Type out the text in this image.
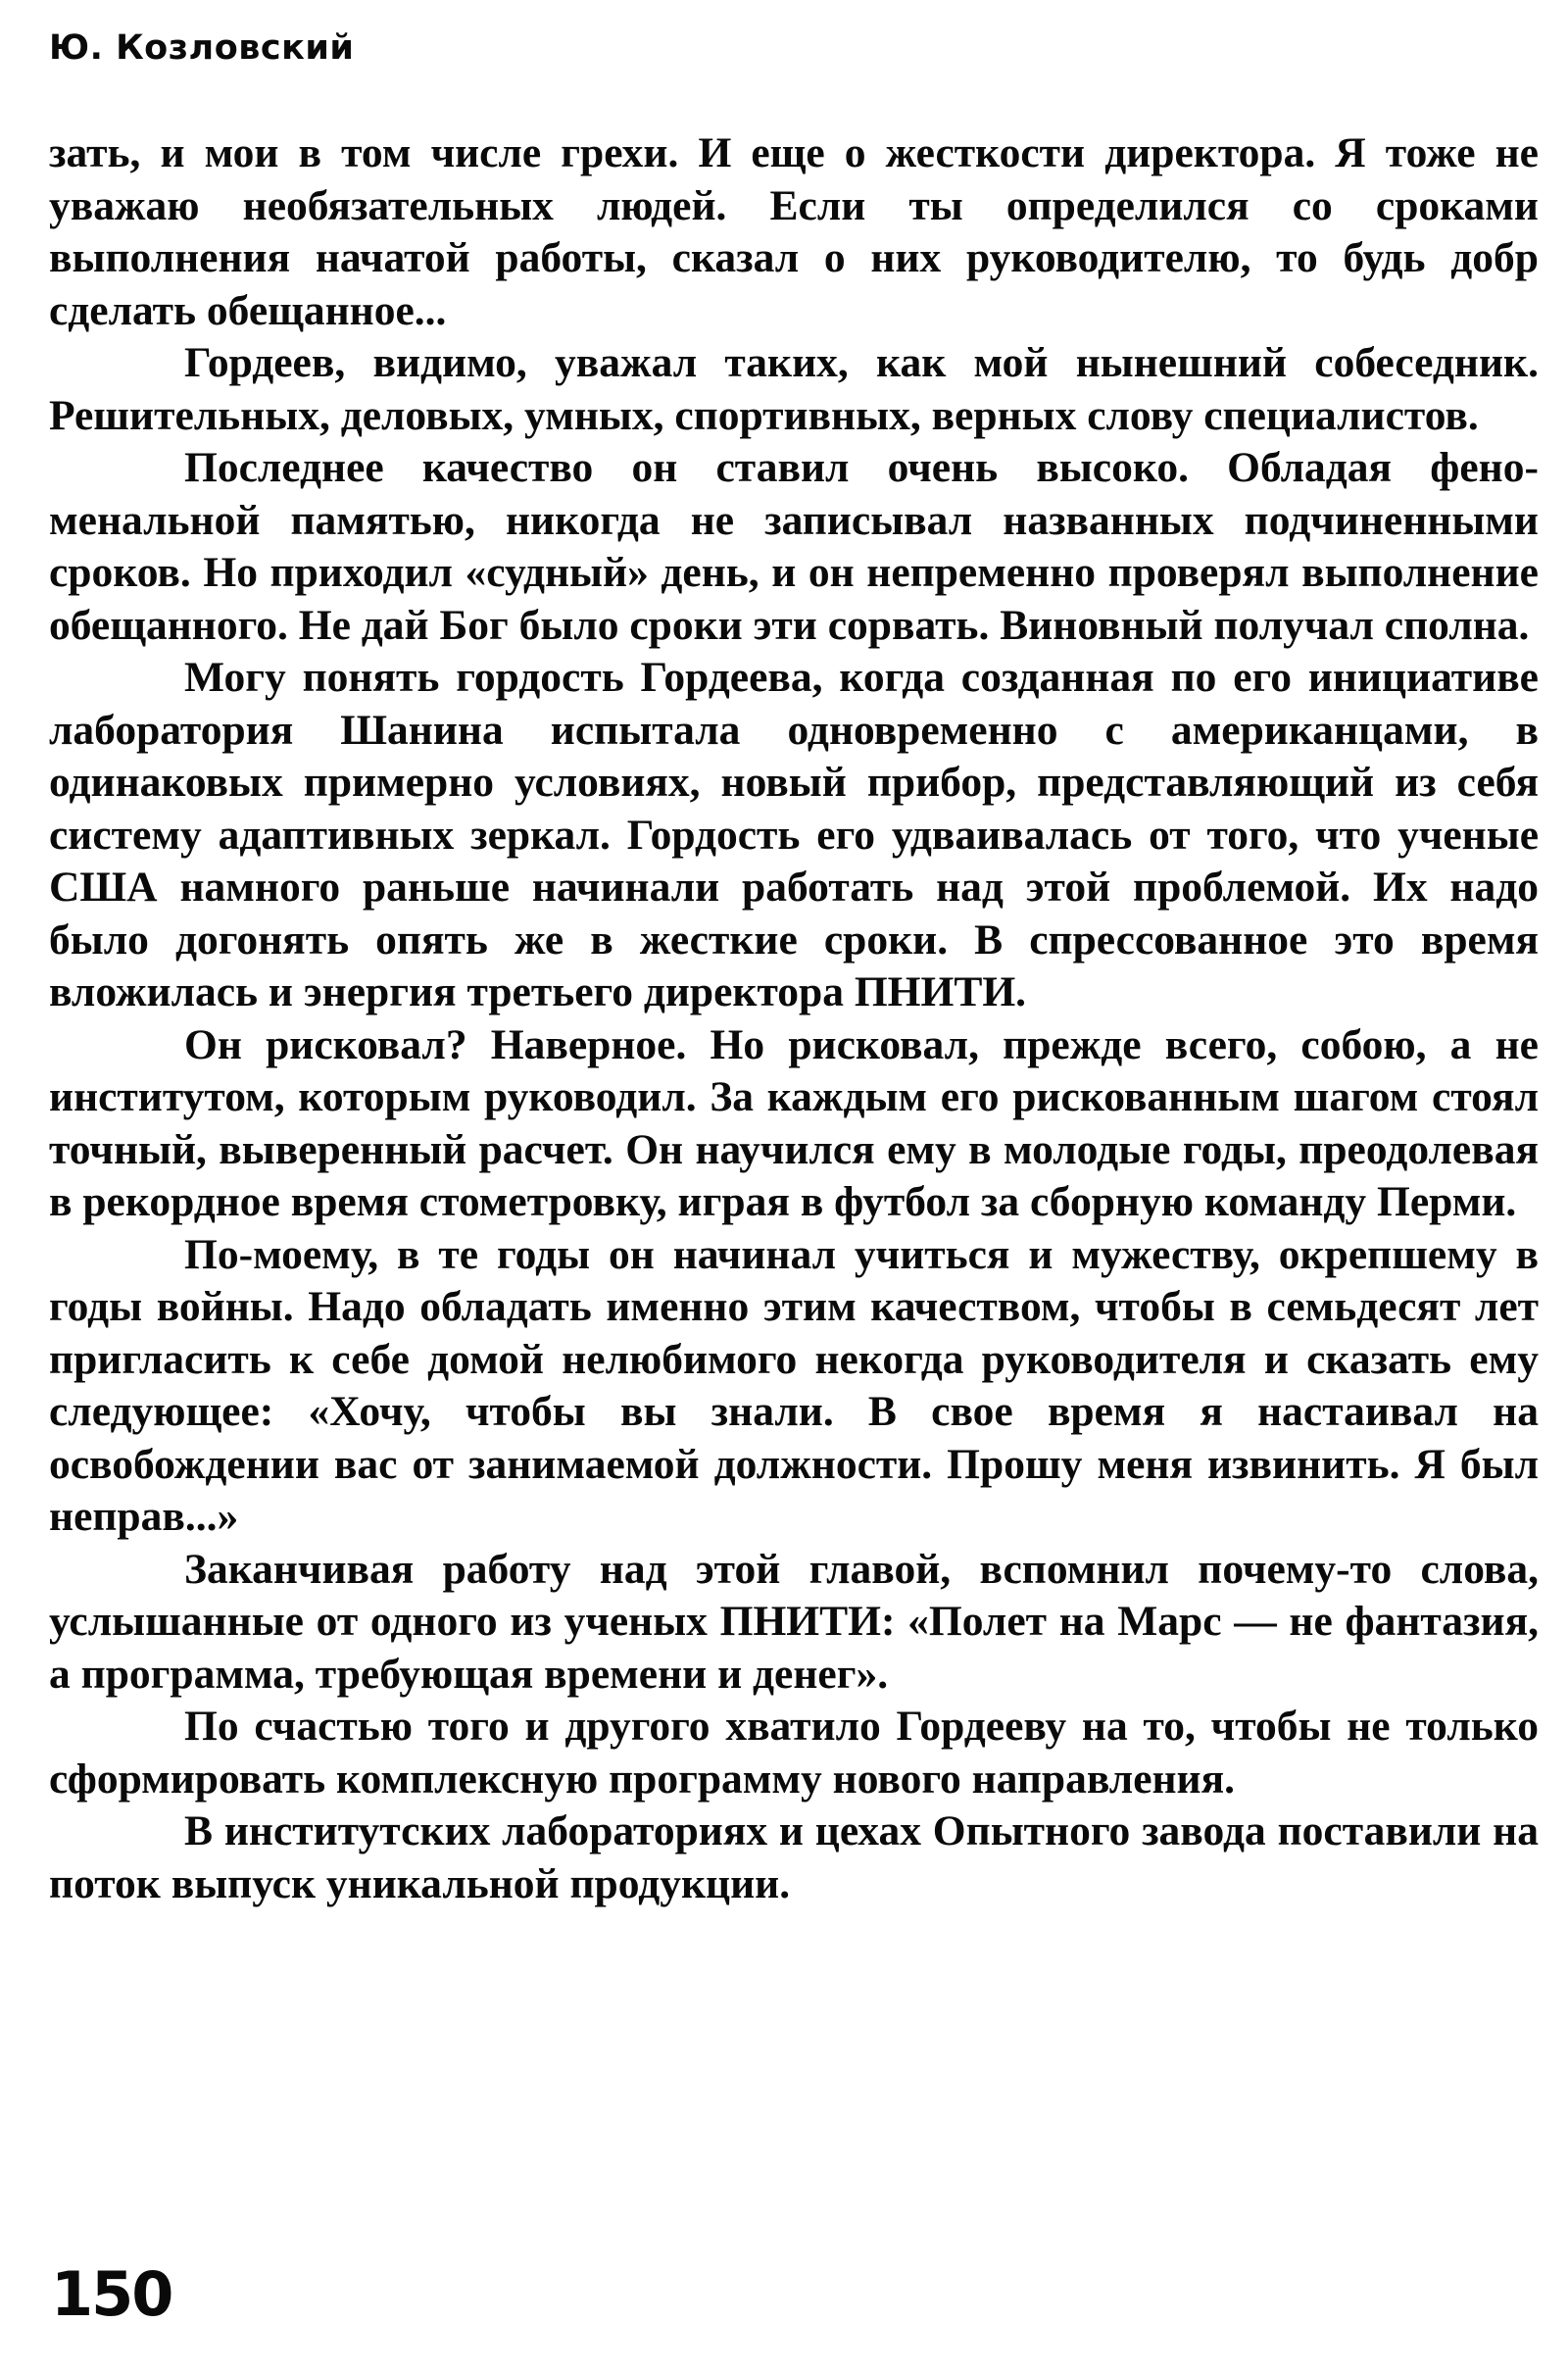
Ю. Козловский

зать, и мои в том числе грехи. И еще о жесткости директора. Я тоже не уважаю необязательных людей. Если ты определился со сроками выполнения начатой работы, сказал о них руководителю, то будь добр сделать обещанное...

Гордеев, видимо, уважал таких, как мой нынешний собеседник. Решительных, деловых, умных, спортивных, верных слову специалистов.

Последнее качество он ставил очень высоко. Обладая феноменальной памятью, никогда не записывал названных подчиненными сроков. Но приходил «судный» день, и он непременно проверял выполнение обещанного. Не дай Бог было сроки эти сорвать. Виновный получал сполна.

Могу понять гордость Гордеева, когда созданная по его инициативе лаборатория Шанина испытала одновременно с американцами, в одинаковых примерно условиях, новый прибор, представляющий из себя систему адаптивных зеркал. Гордость его удваивалась от того, что ученые США намного раньше начинали работать над этой проблемой. Их надо было догонять опять же в жесткие сроки. В спрессованное это время вложилась и энергия третьего директора ПНИТИ.

Он рисковал? Наверное. Но рисковал, прежде всего, собою, а не институтом, которым руководил. За каждым его рискованным шагом стоял точный, выверенный расчет. Он научился ему в молодые годы, преодолевая в рекордное время стометровку, играя в футбол за сборную команду Перми.

По-моему, в те годы он начинал учиться и мужеству, окрепшему в годы войны. Надо обладать именно этим качеством, чтобы в семьдесят лет пригласить к себе домой нелюбимого некогда руководителя и сказать ему следующее: «Хочу, чтобы вы знали. В свое время я настаивал на освобождении вас от занимаемой должности. Прошу меня извинить. Я был неправ...»

Заканчивая работу над этой главой, вспомнил почему-то слова, услышанные от одного из ученых ПНИТИ: «Полет на Марс — не фантазия, а программа, требующая времени и денег».

По счастью того и другого хватило Гордееву на то, чтобы не только сформировать комплексную программу нового направления.

В институтских лабораториях и цехах Опытного завода поставили на поток выпуск уникальной продукции.

150
